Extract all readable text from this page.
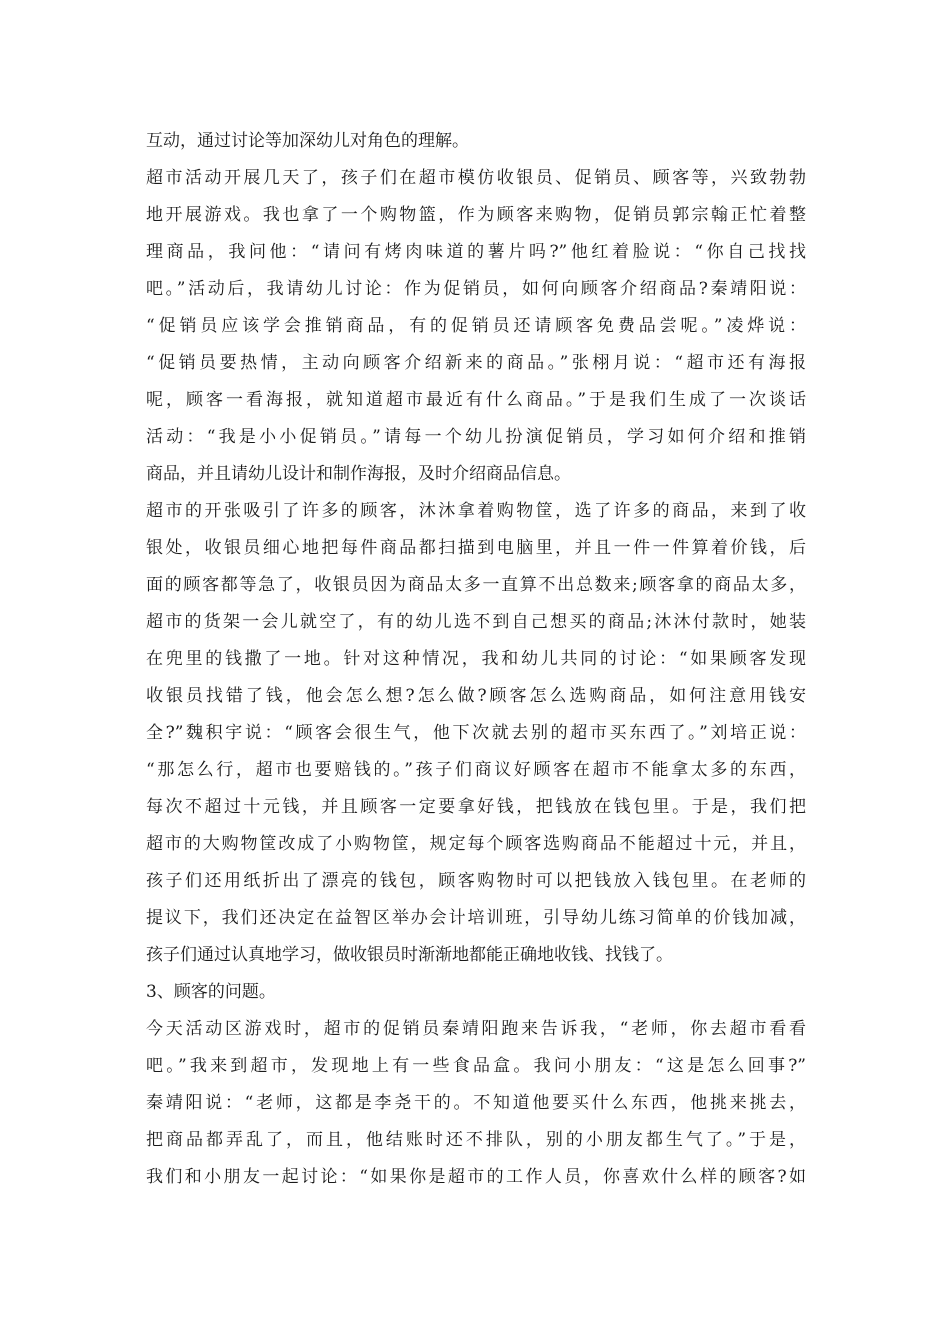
互动，通过讨论等加深幼儿对角色的理解。
超市活动开展几天了，孩子们在超市模仿收银员、促销员、顾客等，兴致勃勃
地开展游戏。我也拿了一个购物篮，作为顾客来购物，促销员郭宗翰正忙着整
理商品，我问他：“请问有烤肉味道的薯片吗?”他红着脸说：“你自己找找
吧。”活动后，我请幼儿讨论：作为促销员，如何向顾客介绍商品?秦靖阳说：
“促销员应该学会推销商品，有的促销员还请顾客免费品尝呢。”凌烨说：
“促销员要热情，主动向顾客介绍新来的商品。”张栩月说：“超市还有海报
呢，顾客一看海报，就知道超市最近有什么商品。”于是我们生成了一次谈话
活动：“我是小小促销员。”请每一个幼儿扮演促销员，学习如何介绍和推销
商品，并且请幼儿设计和制作海报，及时介绍商品信息。
超市的开张吸引了许多的顾客，沐沐拿着购物筐，选了许多的商品，来到了收
银处，收银员细心地把每件商品都扫描到电脑里，并且一件一件算着价钱，后
面的顾客都等急了，收银员因为商品太多一直算不出总数来;顾客拿的商品太多，
超市的货架一会儿就空了，有的幼儿选不到自己想买的商品;沐沐付款时，她装
在兜里的钱撒了一地。针对这种情况，我和幼儿共同的讨论：“如果顾客发现
收银员找错了钱，他会怎么想?怎么做?顾客怎么选购商品，如何注意用钱安
全?”魏积宇说：“顾客会很生气，他下次就去别的超市买东西了。”刘培正说：
“那怎么行，超市也要赔钱的。”孩子们商议好顾客在超市不能拿太多的东西，
每次不超过十元钱，并且顾客一定要拿好钱，把钱放在钱包里。于是，我们把
超市的大购物筐改成了小购物筐，规定每个顾客选购商品不能超过十元，并且，
孩子们还用纸折出了漂亮的钱包，顾客购物时可以把钱放入钱包里。在老师的
提议下，我们还决定在益智区举办会计培训班，引导幼儿练习简单的价钱加减，
孩子们通过认真地学习，做收银员时渐渐地都能正确地收钱、找钱了。
3、顾客的问题。
今天活动区游戏时，超市的促销员秦靖阳跑来告诉我，“老师，你去超市看看
吧。”我来到超市，发现地上有一些食品盒。我问小朋友：“这是怎么回事?”
秦靖阳说：“老师，这都是李尧干的。不知道他要买什么东西，他挑来挑去，
把商品都弄乱了，而且，他结账时还不排队，别的小朋友都生气了。”于是，
我们和小朋友一起讨论：“如果你是超市的工作人员，你喜欢什么样的顾客?如
